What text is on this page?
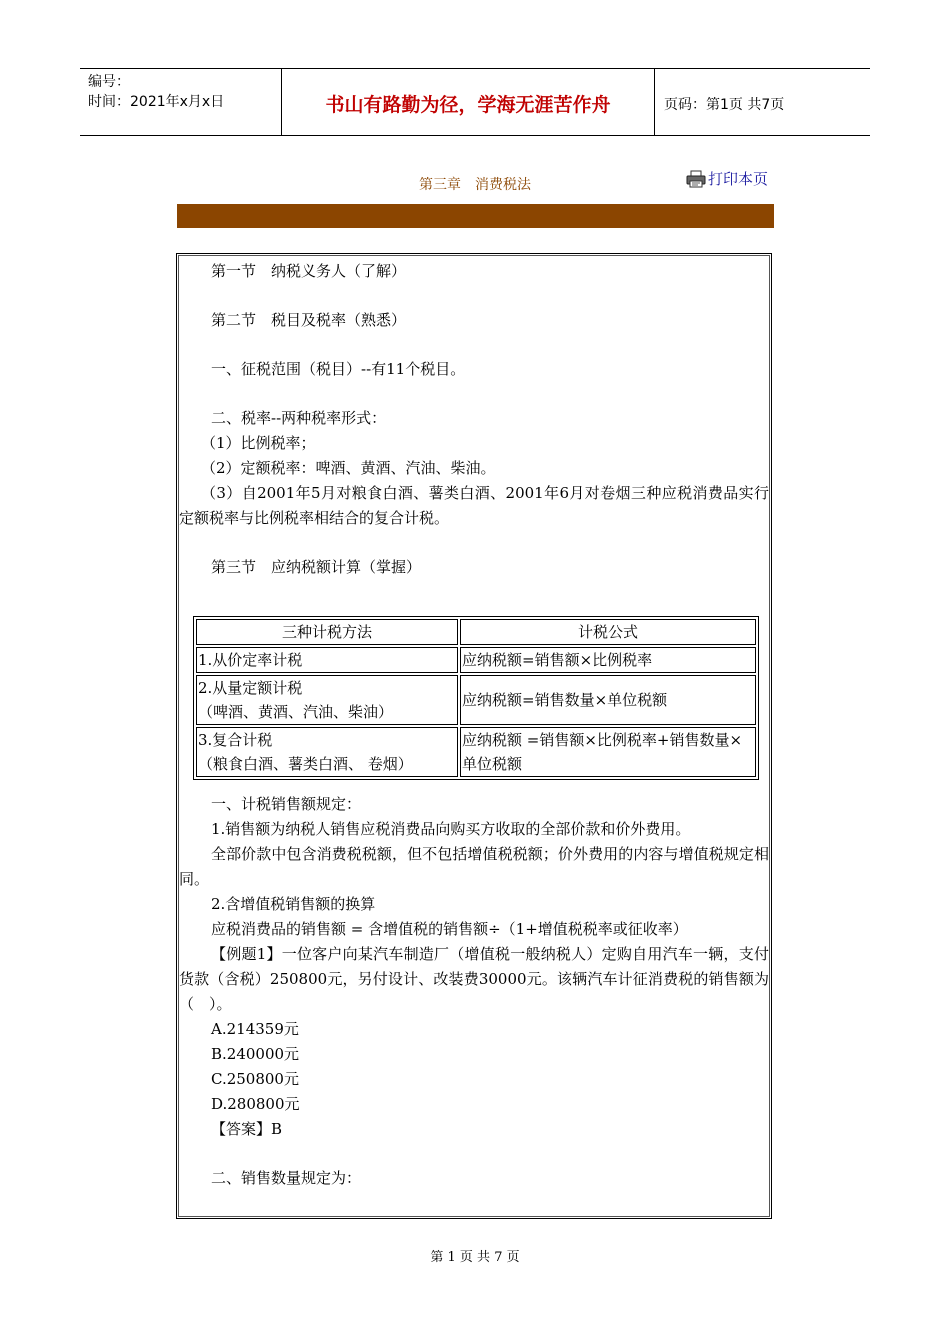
编号：
时间：2021年x月x日	书山有路勤为径，学海无涯苦作舟	页码：第1页 共7页
第三章　消费税法	打印本页
第一节　纳税义务人（了解）
第二节　税目及税率（熟悉）
一、征税范围（税目）--有11个税目。
二、税率--两种税率形式：
（1）比例税率；
（2）定额税率：啤酒、黄酒、汽油、柴油。
（3）自2001年5月对粮食白酒、薯类白酒、2001年6月对卷烟三种应税消费品实行定额税率与比例税率相结合的复合计税。
第三节　应纳税额计算（掌握）
三种计税方法	计税公式
1.从价定率计税	应纳税额=销售额×比例税率

2.从量定额计税
（啤酒、黄酒、汽油、柴油）	应纳税额=销售数量×单位税额

3.复合计税
（粮食白酒、薯类白酒、 卷烟）	应纳税额 =销售额×比例税率+销售数量×单位税额
一、计税销售额规定：
1.销售额为纳税人销售应税消费品向购买方收取的全部价款和价外费用。
全部价款中包含消费税税额，但不包括增值税税额；价外费用的内容与增值税规定相同。
2.含增值税销售额的换算
应税消费品的销售额 = 含增值税的销售额÷（1+增值税税率或征收率）
【例题1】一位客户向某汽车制造厂（增值税一般纳税人）定购自用汽车一辆，支付货款（含税）250800元，另付设计、改装费30000元。该辆汽车计征消费税的销售额为（　）。
A.214359元
B.240000元
C.250800元
D.280800元
【答案】B
二、销售数量规定为：
第 1 页 共 7 页
